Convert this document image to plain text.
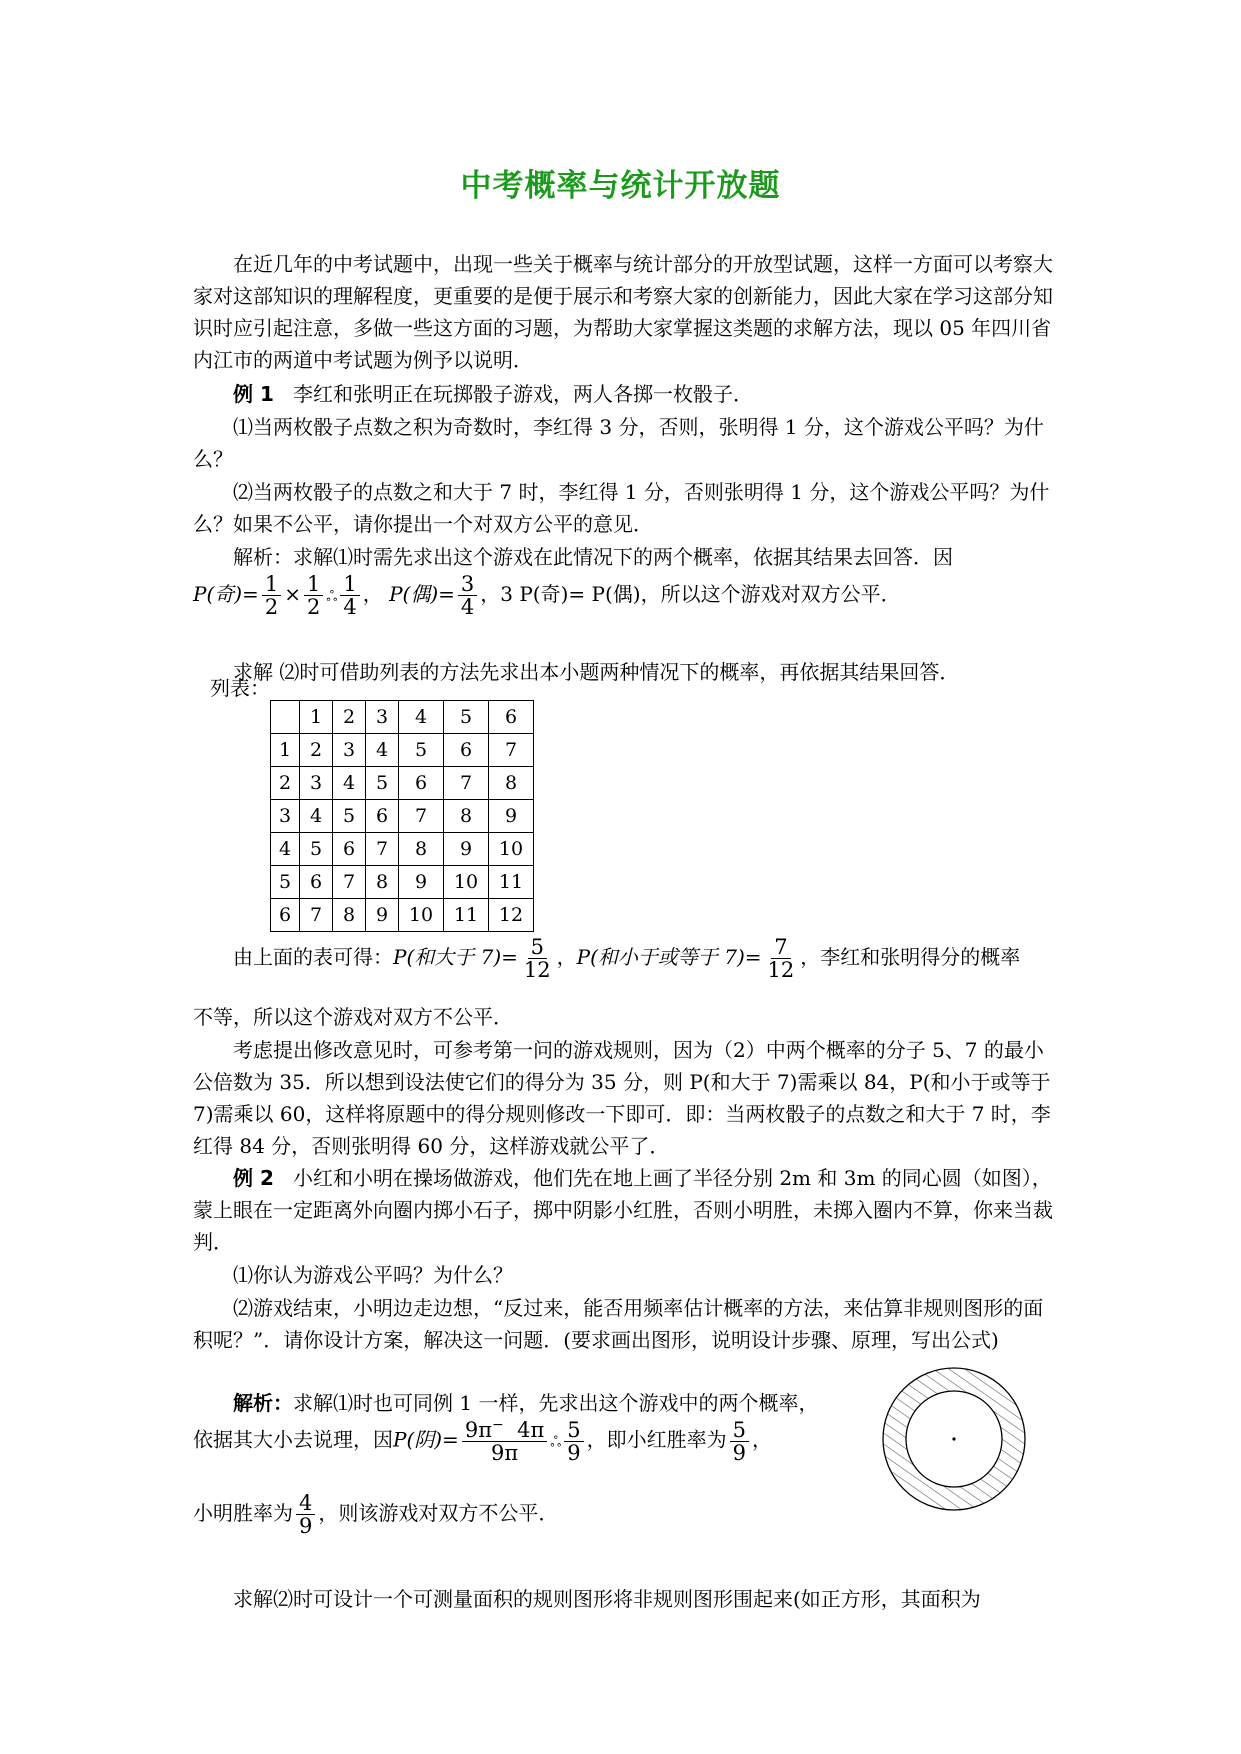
中考概率与统计开放题
在近几年的中考试题中，出现一些关于概率与统计部分的开放型试题，这样一方面可以考察大家对这部知识的理解程度，更重要的是便于展示和考察大家的创新能力，因此大家在学习这部分知识时应引起注意，多做一些这方面的习题，为帮助大家掌握这类题的求解方法，现以 05 年四川省内江市的两道中考试题为例予以说明．
例 1 李红和张明正在玩掷骰子游戏，两人各掷一枚骰子．
⑴当两枚骰子点数之积为奇数时，李红得 3 分，否则，张明得 1 分，这个游戏公平吗？为什么？
⑵当两枚骰子的点数之和大于 7 时，李红得 1 分，否则张明得 1 分，这个游戏公平吗？为什么？如果不公平，请你提出一个对双方公平的意见．
解析：求解⑴时需先求出这个游戏在此情况下的两个概率，依据其结果去回答．因
P(奇)= $\frac{1}{2} \times \frac{1}{2}$ ஃ $\frac{1}{4}$ ， P(偶)= $\frac{3}{4}$ ，3 P(奇)= P(偶)，所以这个游戏对双方公平．
求解 ⑵时可借助列表的方法先求出本小题两种情况下的概率，再依据其结果回答．
列表：
	1	2	3	4	5	6
1	2	3	4	5	6	7
2	3	4	5	6	7	8
3	4	5	6	7	8	9
4	5	6	7	8	9	10
5	6	7	8	9	10	11
6	7	8	9	10	11	12
由上面的表可得：P(和大于 $7)= \frac{5}{12}$ ，P(和小于或等于 $7)= \frac{7}{12}$ ，李红和张明得分的概率
不等，所以这个游戏对双方不公平．
考虑提出修改意见时，可参考第一问的游戏规则，因为（2）中两个概率的分子 5、7 的最小公倍数为 35．所以想到设法使它们的得分为 35 分，则 P(和大于 7)需乘以 84，P(和小于或等于 7)需乘以 60，这样将原题中的得分规则修改一下即可．即：当两枚骰子的点数之和大于 7 时，李红得 84 分，否则张明得 60 分，这样游戏就公平了．
例 2 小红和小明在操场做游戏，他们先在地上画了半径分别 2m 和 3m 的同心圆（如图），蒙上眼在一定距离外向圈内掷小石子，掷中阴影小红胜，否则小明胜，未掷入圈内不算，你来当裁判．
⑴你认为游戏公平吗？为什么？
⑵游戏结束，小明边走边想，“反过来，能否用频率估计概率的方法，来估算非规则图形的面积呢？”．请你设计方案，解决这一问题．(要求画出图形，说明设计步骤、原理，写出公式)
解析：求解⑴时也可同例 1 一样，先求出这个游戏中的两个概率，
依据其大小去说理，因P(阴)= $\frac{9\pi^- 4\pi}{9\pi}$ ஃ $\frac{5}{9}$ ，即小红胜率为 $\frac{5}{9}$ ，
小明胜率为 $\frac{4}{9}$ ，则该游戏对双方不公平．
求解⑵时可设计一个可测量面积的规则图形将非规则图形围起来(如正方形，其面积为
